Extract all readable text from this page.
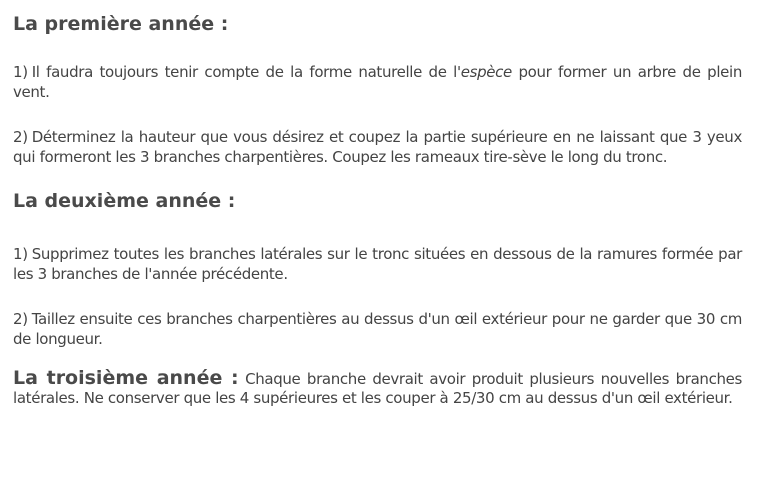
La première année :

1) Il faudra toujours tenir compte de la forme naturelle de l'espèce pour former un arbre de plein vent.

2) Déterminez la hauteur que vous désirez et coupez la partie supérieure en ne laissant que 3 yeux qui formeront les 3 branches charpentières. Coupez les rameaux tire-sève le long du tronc.

La deuxième année :

1) Supprimez toutes les branches latérales sur le tronc situées en dessous de la ramures formée par les 3 branches de l'année précédente.

2) Taillez ensuite ces branches charpentières au dessus d'un œil extérieur pour ne garder que 30 cm de longueur.

La troisième année : Chaque branche devrait avoir produit plusieurs nouvelles branches latérales. Ne conserver que les 4 supérieures et les couper à 25/30 cm au dessus d'un œil extérieur.
